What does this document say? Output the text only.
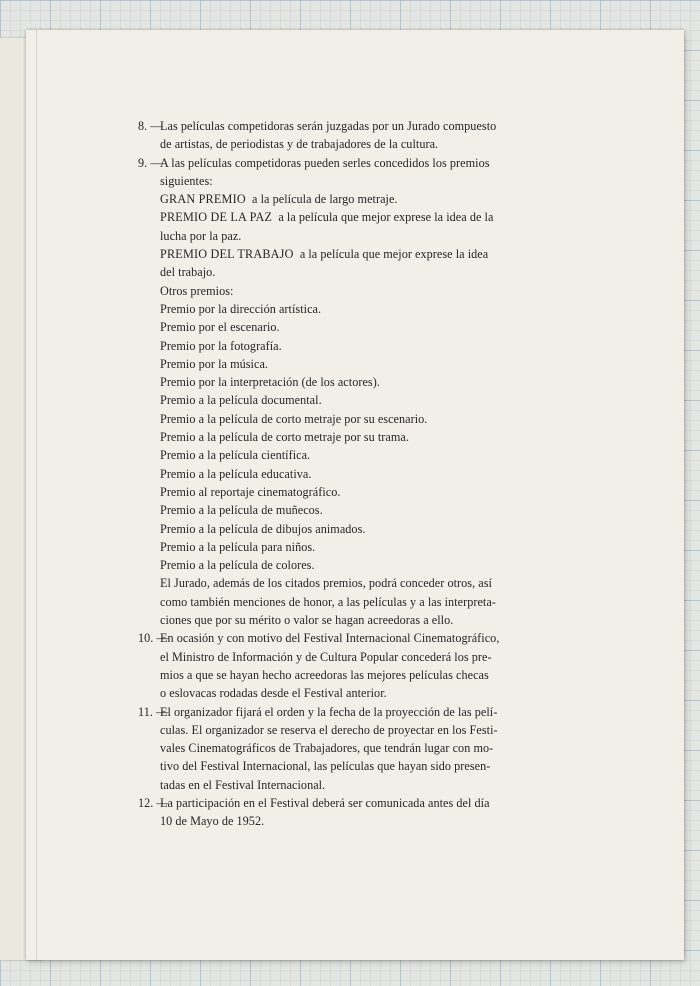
8. —
Las películas competidoras serán juzgadas por un Jurado compuesto
de artistas, de periodistas y de trabajadores de la cultura.
9. —
A las películas competidoras pueden serles concedidos los premios
siguientes:
GRAN PREMIO a la película de largo metraje.
PREMIO DE LA PAZ a la película que mejor exprese la idea de la
lucha por la paz.
PREMIO DEL TRABAJO a la película que mejor exprese la idea
del trabajo.
Otros premios:
Premio por la dirección artística.
Premio por el escenario.
Premio por la fotografía.
Premio por la música.
Premio por la interpretación (de los actores).
Premio a la película documental.
Premio a la película de corto metraje por su escenario.
Premio a la película de corto metraje por su trama.
Premio a la película científica.
Premio a la película educativa.
Premio al reportaje cinematográfico.
Premio a la película de muñecos.
Premio a la película de dibujos animados.
Premio a la película para niños.
Premio a la película de colores.
El Jurado, además de los citados premios, podrá conceder otros, así
como también menciones de honor, a las películas y a las interpreta-
ciones que por su mérito o valor se hagan acreedoras a ello.
10. —
En ocasión y con motivo del Festival Internacional Cinematográfico,
el Ministro de Información y de Cultura Popular concederá los pre-
mios a que se hayan hecho acreedoras las mejores películas checas
o eslovacas rodadas desde el Festival anterior.
11. —
El organizador fijará el orden y la fecha de la proyección de las pelí-
culas. El organizador se reserva el derecho de proyectar en los Festi-
vales Cinematográficos de Trabajadores, que tendrán lugar con mo-
tivo del Festival Internacional, las películas que hayan sido presen-
tadas en el Festival Internacional.
12. —
La participación en el Festival deberá ser comunicada antes del día
10 de Mayo de 1952.
